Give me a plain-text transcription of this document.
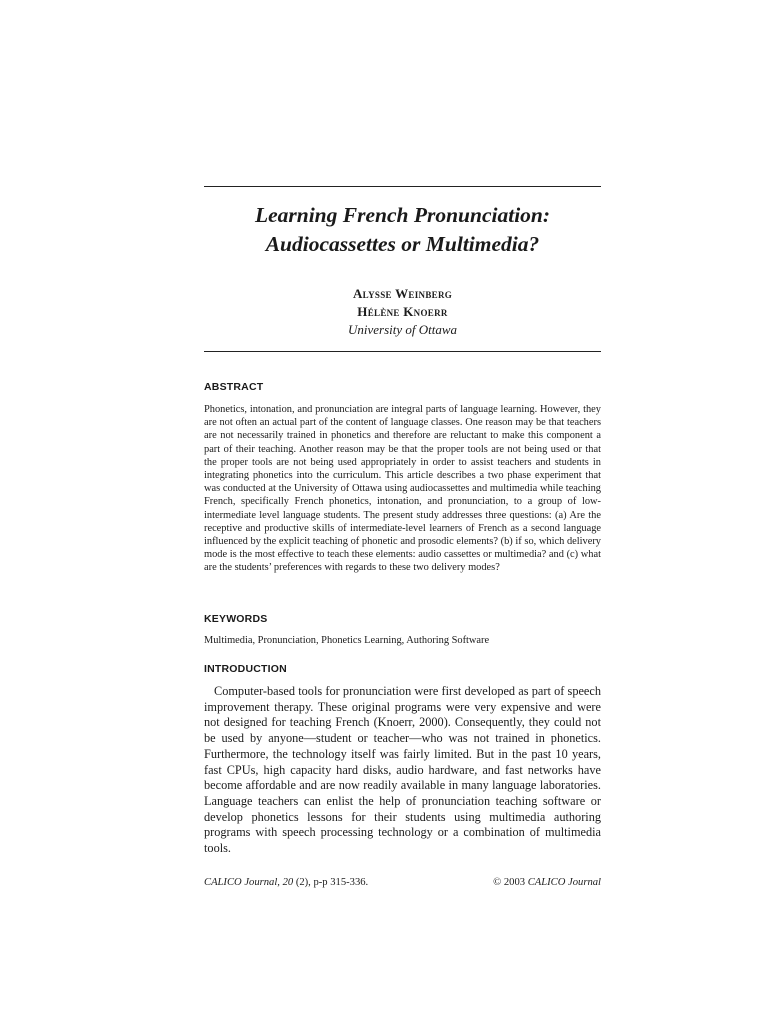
Learning French Pronunciation:
Audiocassettes or Multimedia?
Alysse Weinberg
Hélène Knoerr
University of Ottawa
ABSTRACT

Phonetics, intonation, and pronunciation are integral parts of language learning. However, they are not often an actual part of the content of language classes. One reason may be that teachers are not necessarily trained in phonetics and therefore are reluctant to make this component a part of their teaching. Another reason may be that the proper tools are not being used or that the proper tools are not being used appropriately in order to assist teachers and students in integrating phonetics into the curriculum. This article describes a two phase experiment that was conducted at the University of Ottawa using audiocassettes and multimedia while teaching French, specifically French phonetics, intonation, and pronunciation, to a group of low-intermediate level language students. The present study addresses three questions: (a) Are the receptive and productive skills of intermediate-level learners of French as a second language influenced by the explicit teaching of phonetic and prosodic elements? (b) if so, which delivery mode is the most effective to teach these elements: audio cassettes or multimedia? and (c) what are the students’ preferences with regards to these two delivery modes?

KEYWORDS

Multimedia, Pronunciation, Phonetics Learning, Authoring Software

INTRODUCTION

Computer-based tools for pronunciation were first developed as part of speech improvement therapy. These original programs were very expensive and were not designed for teaching French (Knoerr, 2000). Consequently, they could not be used by anyone—student or teacher—who was not trained in phonetics. Furthermore, the technology itself was fairly limited. But in the past 10 years, fast CPUs, high capacity hard disks, audio hardware, and fast networks have become affordable and are now readily available in many language laboratories. Language teachers can enlist the help of pronunciation teaching software or develop phonetics lessons for their students using multimedia authoring programs with speech processing technology or a combination of multimedia tools.

CALICO Journal, 20 (2), p-p 315-336.	© 2003 CALICO Journal
